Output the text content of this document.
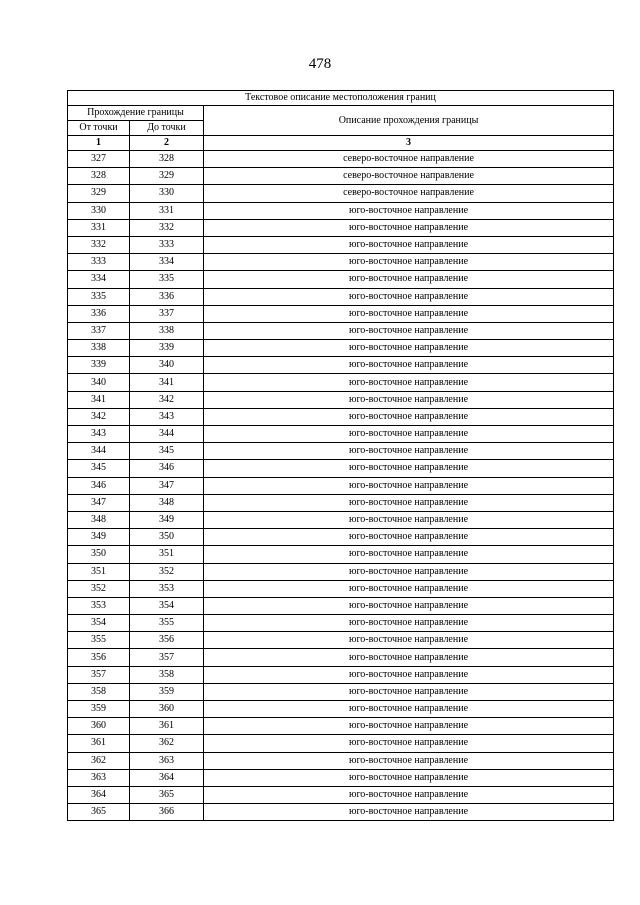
478
Текстовое описание местоположения границ		
Прохождение границы		Описание прохождения границы
От точки	До точки	
1	2	3
327	328	северо-восточное направление
328	329	северо-восточное направление
329	330	северо-восточное направление
330	331	юго-восточное направление
331	332	юго-восточное направление
332	333	юго-восточное направление
333	334	юго-восточное направление
334	335	юго-восточное направление
335	336	юго-восточное направление
336	337	юго-восточное направление
337	338	юго-восточное направление
338	339	юго-восточное направление
339	340	юго-восточное направление
340	341	юго-восточное направление
341	342	юго-восточное направление
342	343	юго-восточное направление
343	344	юго-восточное направление
344	345	юго-восточное направление
345	346	юго-восточное направление
346	347	юго-восточное направление
347	348	юго-восточное направление
348	349	юго-восточное направление
349	350	юго-восточное направление
350	351	юго-восточное направление
351	352	юго-восточное направление
352	353	юго-восточное направление
353	354	юго-восточное направление
354	355	юго-восточное направление
355	356	юго-восточное направление
356	357	юго-восточное направление
357	358	юго-восточное направление
358	359	юго-восточное направление
359	360	юго-восточное направление
360	361	юго-восточное направление
361	362	юго-восточное направление
362	363	юго-восточное направление
363	364	юго-восточное направление
364	365	юго-восточное направление
365	366	юго-восточное направление
